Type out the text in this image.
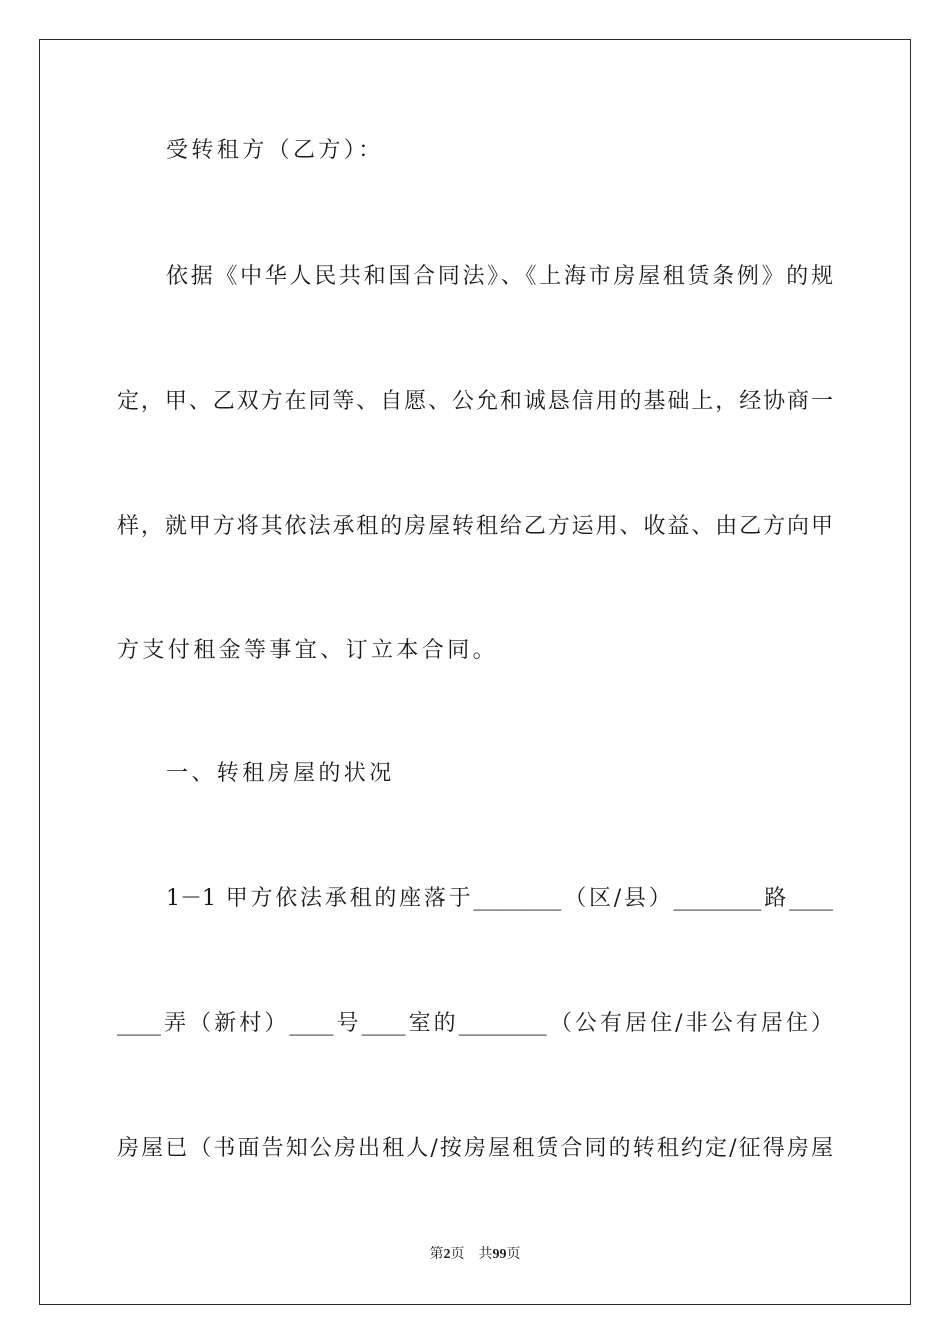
受转租方（乙方）：
依据《中华人民共和国合同法》、《上海市房屋租赁条例》的规
定，甲、乙双方在同等、自愿、公允和诚恳信用的基础上，经协商一
样，就甲方将其依法承租的房屋转租给乙方运用、收益、由乙方向甲
方支付租金等事宜、订立本合同。
一、转租房屋的状况
1－1 甲方依法承租的座落于________（区/县）________路____
____弄（新村）____号____室的________（公有居住/非公有居住）
房屋已（书面告知公房出租人/按房屋租赁合同的转租约定/征得房屋
第2页 共99页
